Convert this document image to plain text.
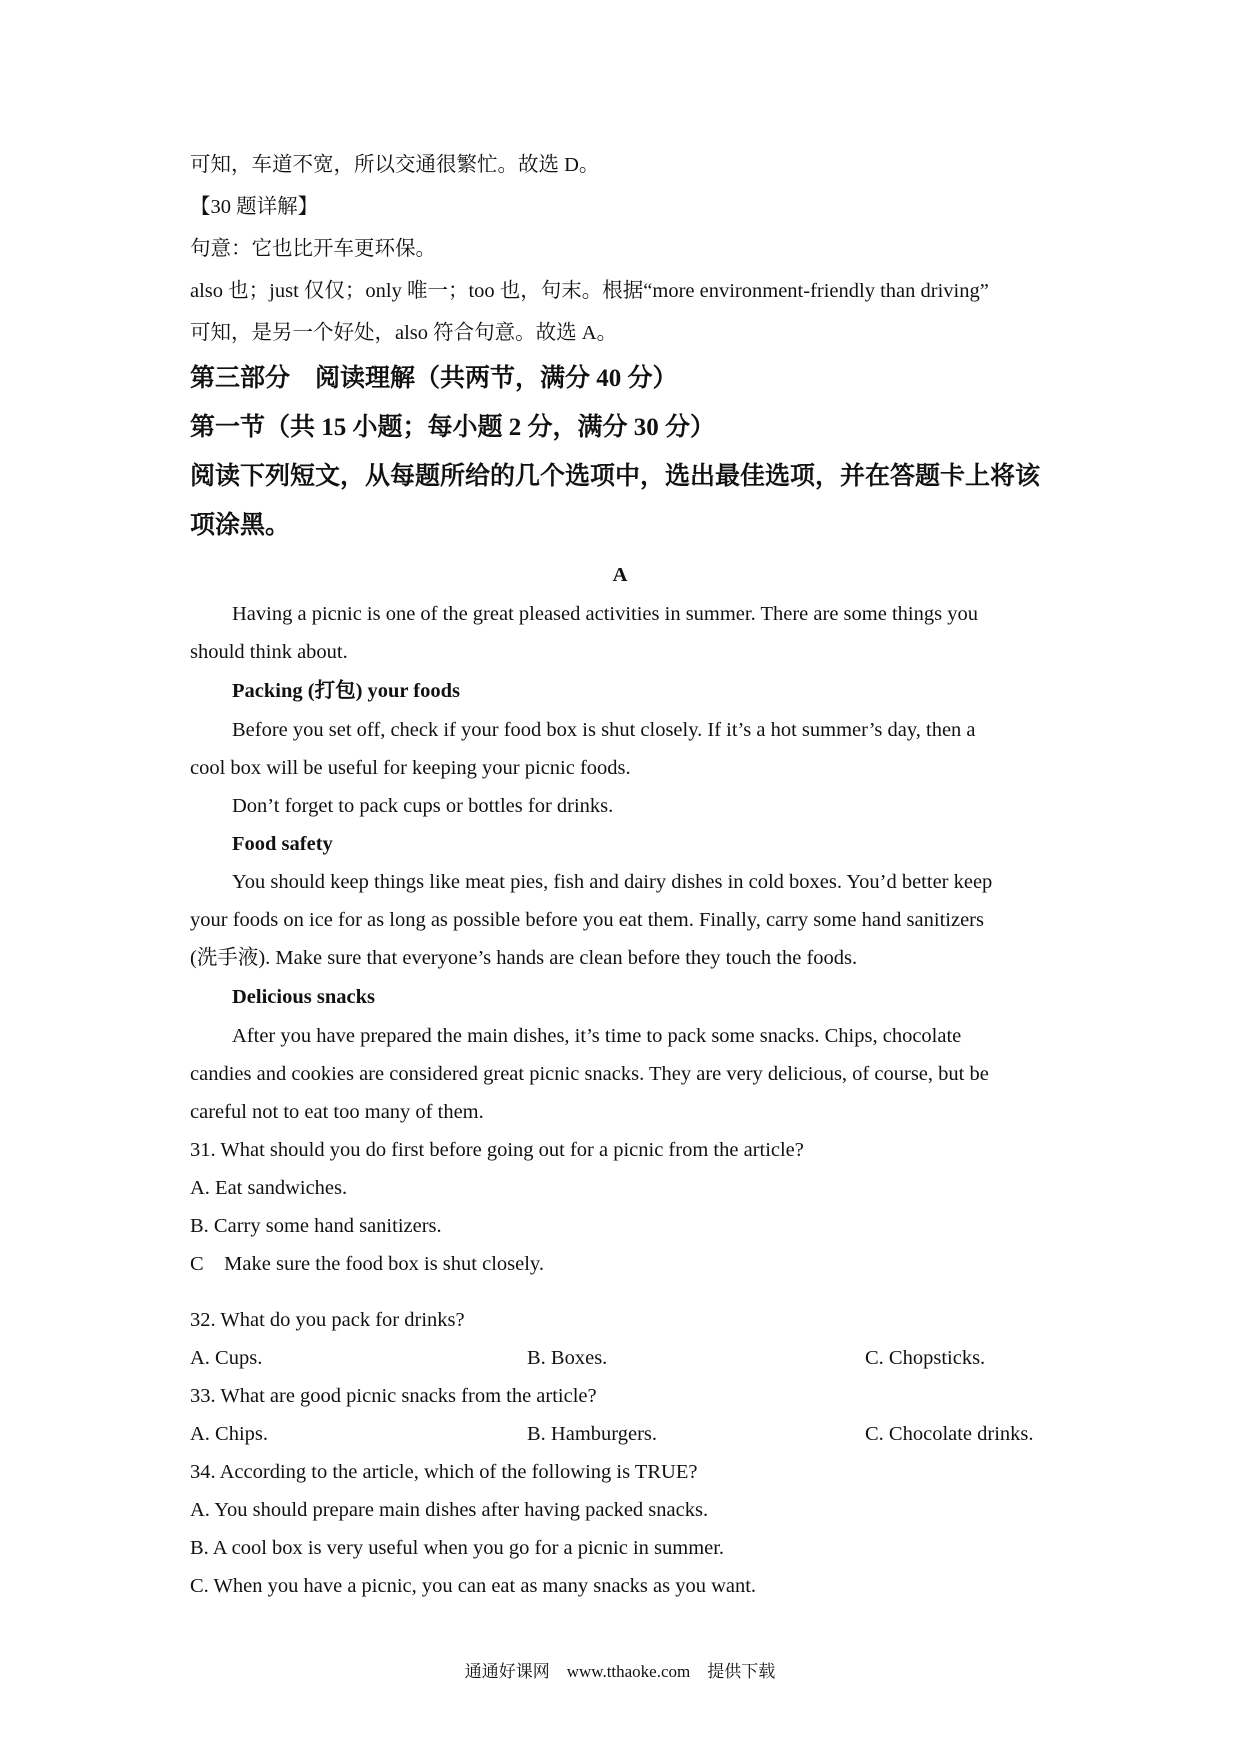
可知，车道不宽，所以交通很繁忙。故选 D。
【30 题详解】
句意：它也比开车更环保。
also 也；just 仅仅；only 唯一；too 也，句末。根据“more environment-friendly than driving”
可知，是另一个好处，also 符合句意。故选 A。
第三部分　阅读理解（共两节，满分 40 分）
第一节（共 15 小题；每小题 2 分，满分 30 分）
阅读下列短文，从每题所给的几个选项中，选出最佳选项，并在答题卡上将该
项涂黑。
A
Having a picnic is one of the great pleased activities in summer. There are some things you
should think about.
Packing (打包) your foods
Before you set off, check if your food box is shut closely. If it’s a hot summer’s day, then a
cool box will be useful for keeping your picnic foods.
Don’t forget to pack cups or bottles for drinks.
Food safety
You should keep things like meat pies, fish and dairy dishes in cold boxes. You’d better keep
your foods on ice for as long as possible before you eat them. Finally, carry some hand sanitizers
(洗手液). Make sure that everyone’s hands are clean before they touch the foods.
Delicious snacks
After you have prepared the main dishes, it’s time to pack some snacks. Chips, chocolate
candies and cookies are considered great picnic snacks. They are very delicious, of course, but be
careful not to eat too many of them.
31. What should you do first before going out for a picnic from the article?
A. Eat sandwiches.
B. Carry some hand sanitizers.
C　Make sure the food box is shut closely.
32. What do you pack for drinks?
A. Cups.	B. Boxes.	C. Chopsticks.
33. What are good picnic snacks from the article?
A. Chips.	B. Hamburgers.	C. Chocolate drinks.
34. According to the article, which of the following is TRUE?
A. You should prepare main dishes after having packed snacks.
B. A cool box is very useful when you go for a picnic in summer.
C. When you have a picnic, you can eat as many snacks as you want.
通通好课网　www.tthaoke.com　提供下载
